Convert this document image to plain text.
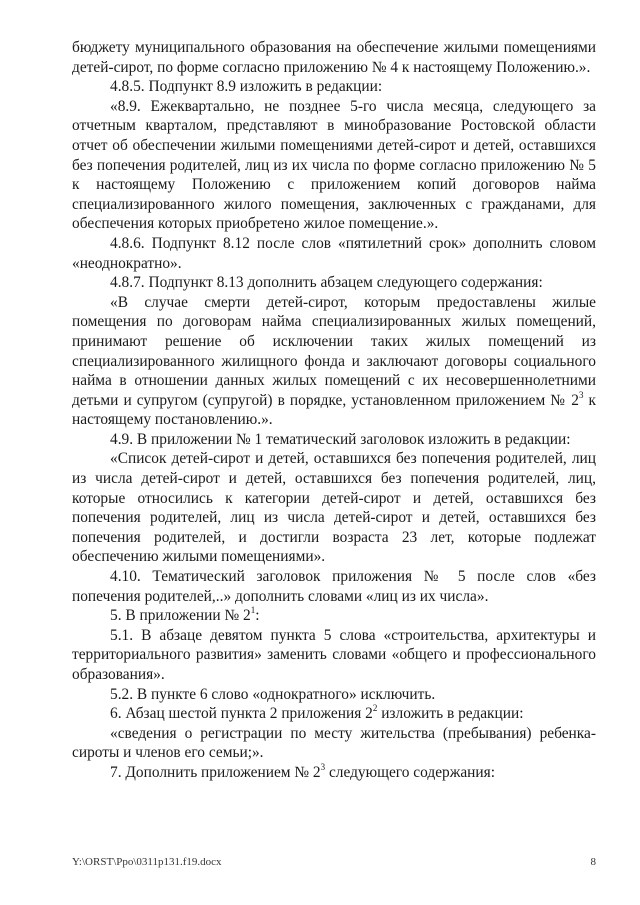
бюджету муниципального образования на обеспечение жилыми помещениями детей-сирот, по форме согласно приложению № 4 к настоящему Положению.».

4.8.5. Подпункт 8.9 изложить в редакции:

«8.9. Ежеквартально, не позднее 5-го числа месяца, следующего за отчетным кварталом, представляют в минобразование Ростовской области отчет об обеспечении жилыми помещениями детей-сирот и детей, оставшихся без попечения родителей, лиц из их числа по форме согласно приложению № 5 к настоящему Положению с приложением копий договоров найма специализированного жилого помещения, заключенных с гражданами, для обеспечения которых приобретено жилое помещение.».

4.8.6. Подпункт 8.12 после слов «пятилетний срок» дополнить словом «неоднократно».

4.8.7. Подпункт 8.13 дополнить абзацем следующего содержания:

«В случае смерти детей-сирот, которым предоставлены жилые помещения по договорам найма специализированных жилых помещений, принимают решение об исключении таких жилых помещений из специализированного жилищного фонда и заключают договоры социального найма в отношении данных жилых помещений с их несовершеннолетними детьми и супругом (супругой) в порядке, установленном приложением № $2^3$ к настоящему постановлению.».

4.9. В приложении № 1 тематический заголовок изложить в редакции:

«Список детей-сирот и детей, оставшихся без попечения родителей, лиц из числа детей-сирот и детей, оставшихся без попечения родителей, лиц, которые относились к категории детей-сирот и детей, оставшихся без попечения родителей, лиц из числа детей-сирот и детей, оставшихся без попечения родителей, и достигли возраста 23 лет, которые подлежат обеспечению жилыми помещениями».

4.10. Тематический заголовок приложения № 5 после слов «без попечения родителей,..» дополнить словами «лиц из их числа».

5. В приложении № $2^1$:

5.1. В абзаце девятом пункта 5 слова «строительства, архитектуры и территориального развития» заменить словами «общего и профессионального образования».

5.2. В пункте 6 слово «однократного» исключить.

6. Абзац шестой пункта 2 приложения $2^2$ изложить в редакции:

«сведения о регистрации по месту жительства (пребывания) ребенка-сироты и членов его семьи;».

7. Дополнить приложением № $2^3$ следующего содержания:

Y:\ORST\Ppo\0311p131.f19.docx	8
